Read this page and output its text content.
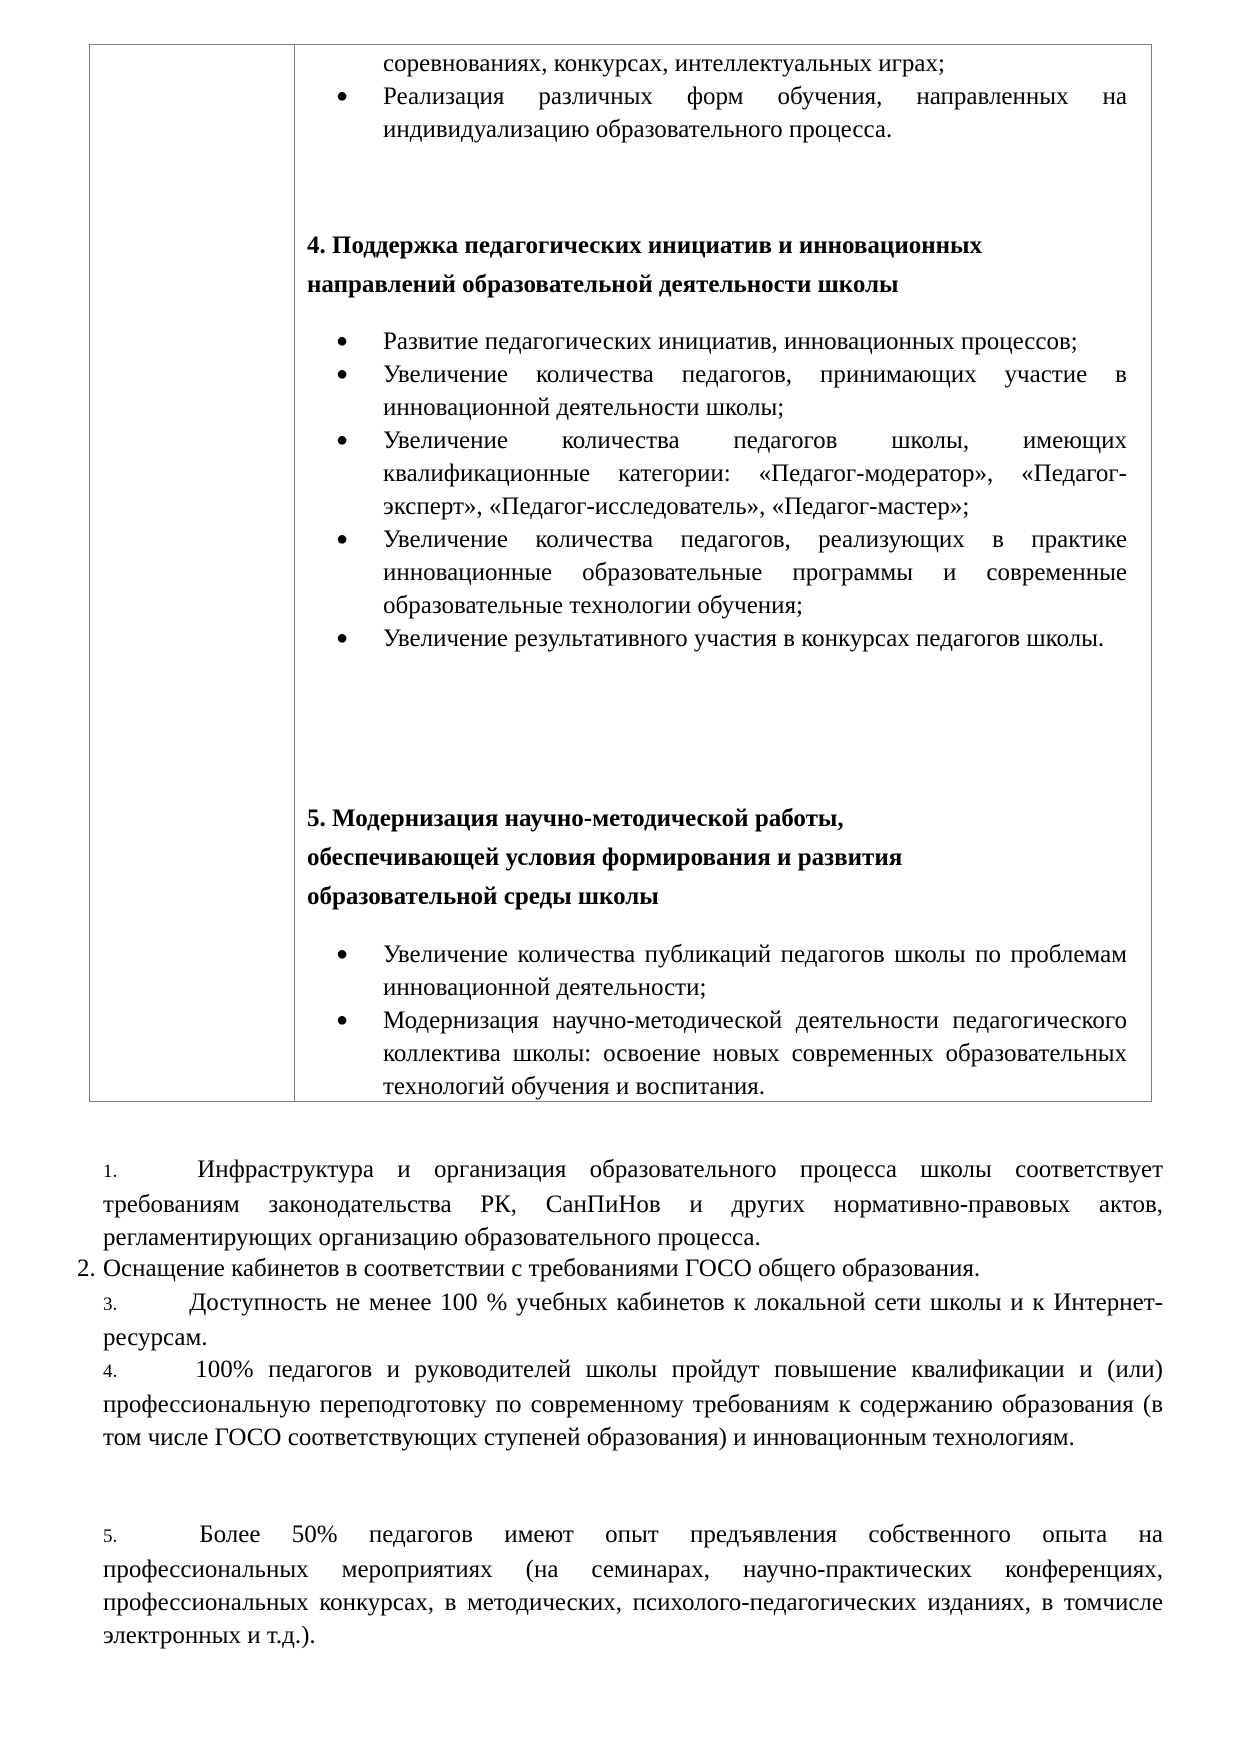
соревнованиях, конкурсах, интеллектуальных играх;
● Реализация различных форм обучения, направленных на индивидуализацию образовательного процесса.
4. Поддержка педагогических инициатив и инновационных
направлений образовательной деятельности школы
● Развитие педагогических инициатив, инновационных процессов;
● Увеличение количества педагогов, принимающих участие в инновационной деятельности школы;
● Увеличение количества педагогов школы, имеющих квалификационные категории: «Педагог-модератор», «Педагог-эксперт», «Педагог-исследователь», «Педагог-мастер»;
● Увеличение количества педагогов, реализующих в практике инновационные образовательные программы и современные образовательные технологии обучения;
● Увеличение результативного участия в конкурсах педагогов школы.
5. Модернизация научно-методической работы,
обеспечивающей условия формирования и развития
образовательной среды школы
● Увеличение количества публикаций педагогов школы по проблемам инновационной деятельности;
● Модернизация научно-методической деятельности педагогического коллектива школы: освоение новых современных образовательных технологий обучения и воспитания.
1.	Инфраструктура и организация образовательного процесса школы соответствует требованиям законодательства РК, СанПиНов и других нормативно-правовых актов, регламентирующих организацию образовательного процесса.
2. Оснащение кабинетов в соответствии с требованиями ГОСО общего образования.
3.	Доступность не менее 100 % учебных кабинетов к локальной сети школы и к Интернет- ресурсам.
4.	100% педагогов и руководителей школы пройдут повышение квалификации и (или) профессиональную переподготовку по современному требованиям к содержанию образования (в том числе ГОСО соответствующих ступеней образования) и инновационным технологиям.
5.	Более 50% педагогов имеют опыт предъявления собственного опыта на профессиональных мероприятиях (на семинарах, научно-практических конференциях, профессиональных конкурсах, в методических, психолого-педагогических изданиях, в томчисле электронных и т.д.).
